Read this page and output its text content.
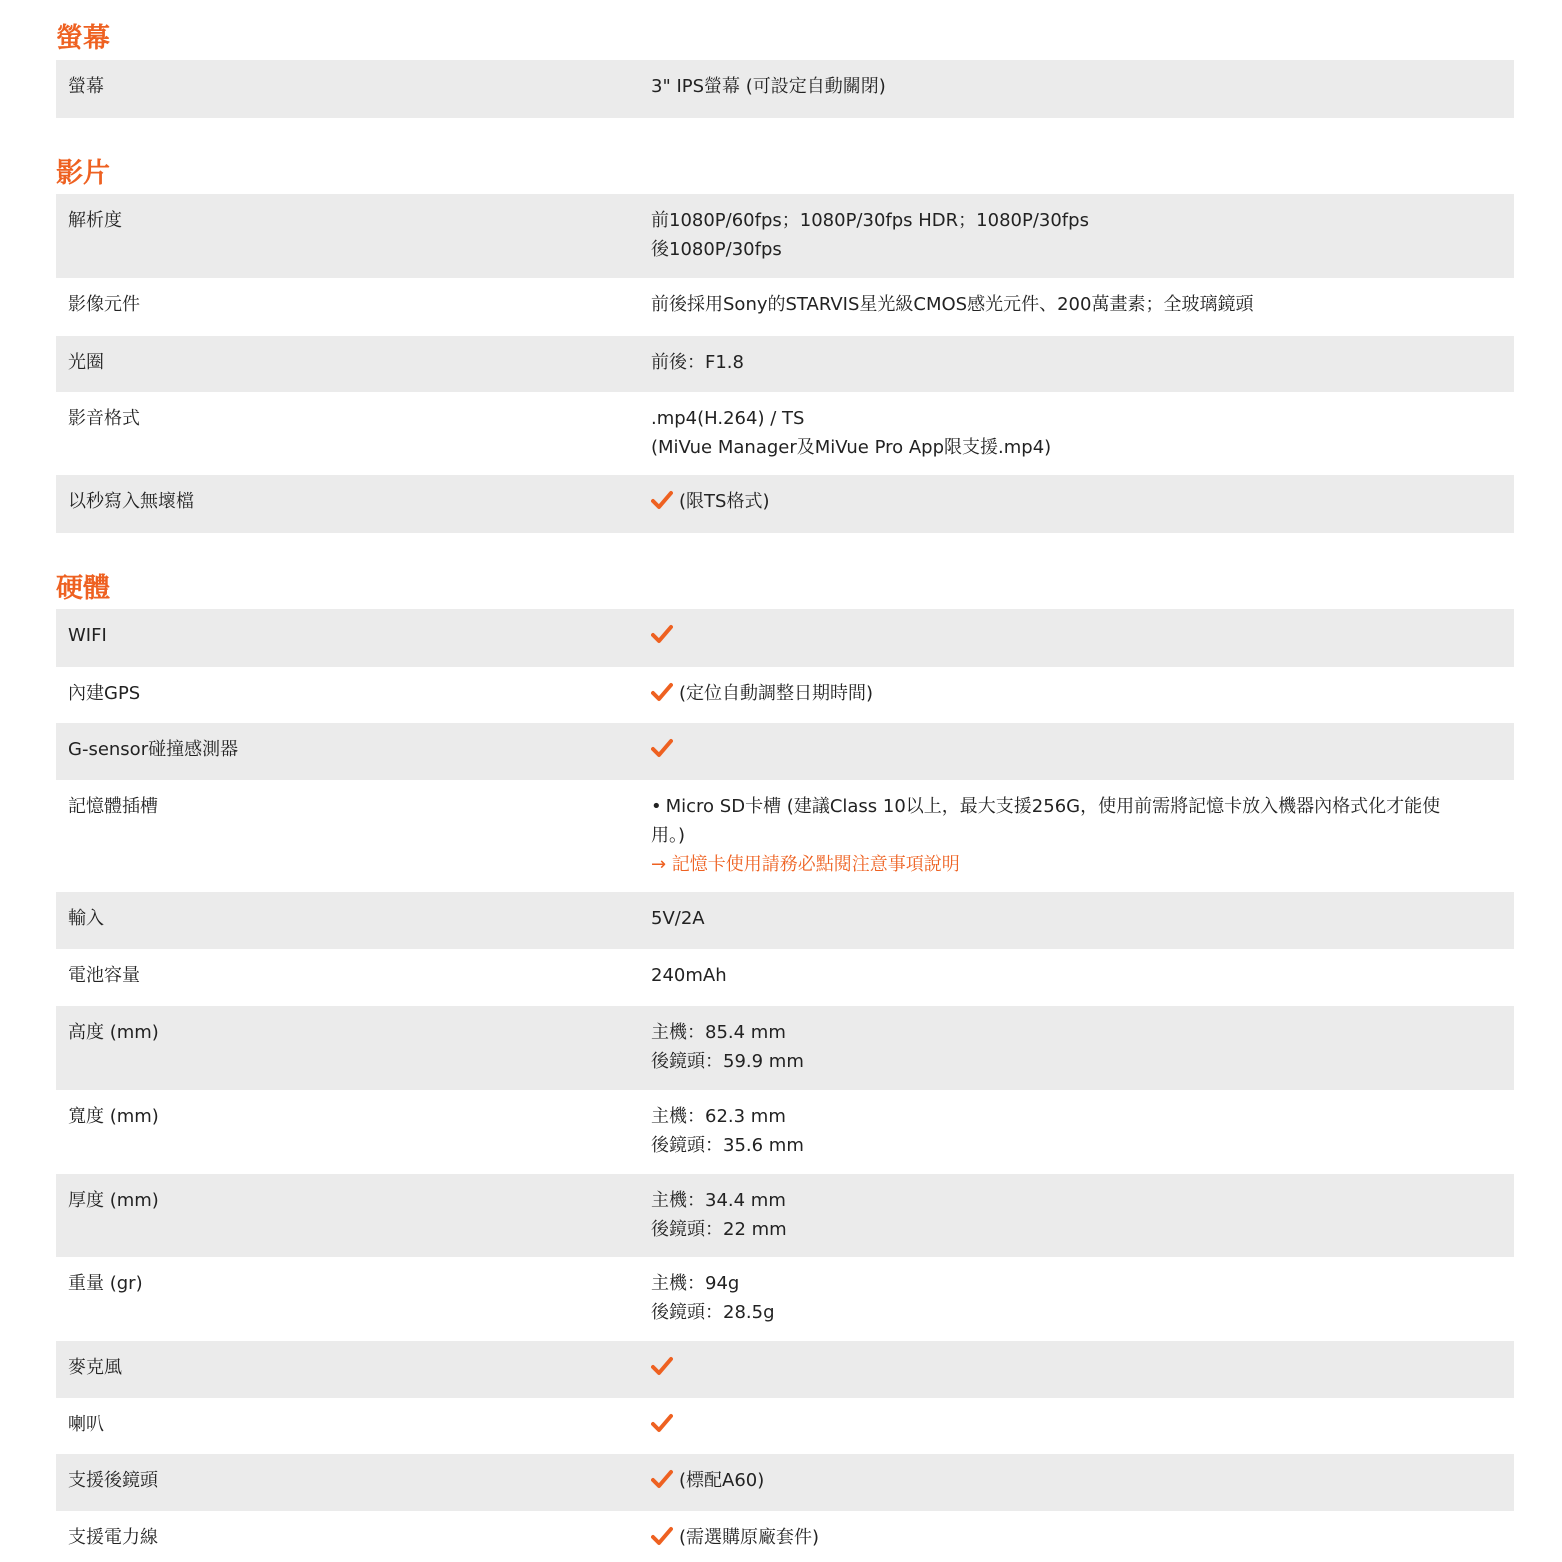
螢幕
螢幕	3" IPS螢幕 (可設定自動關閉)
影片
解析度	前1080P/60fps；1080P/30fps HDR；1080P/30fps
後1080P/30fps
影像元件	前後採用Sony的STARVIS星光級CMOS感光元件、200萬畫素；全玻璃鏡頭
光圈	前後：F1.8
影音格式	.mp4(H.264) / TS
(MiVue Manager及MiVue Pro App限支援.mp4)
以秒寫入無壞檔	(限TS格式)
硬體
WIFI
內建GPS	(定位自動調整日期時間)
G-sensor碰撞感測器
記憶體插槽	• Micro SD卡槽 (建議Class 10以上，最大支援256G，使用前需將記憶卡放入機器內格式化才能使
用。)
→ 記憶卡使用請務必點閱注意事項說明
輸入	5V/2A
電池容量	240mAh
高度 (mm)	主機：85.4 mm
後鏡頭：59.9 mm
寬度 (mm)	主機：62.3 mm
後鏡頭：35.6 mm
厚度 (mm)	主機：34.4 mm
後鏡頭：22 mm
重量 (gr)	主機：94g
後鏡頭：28.5g
麥克風
喇叭
支援後鏡頭	(標配A60)
支援電力線	(需選購原廠套件)
